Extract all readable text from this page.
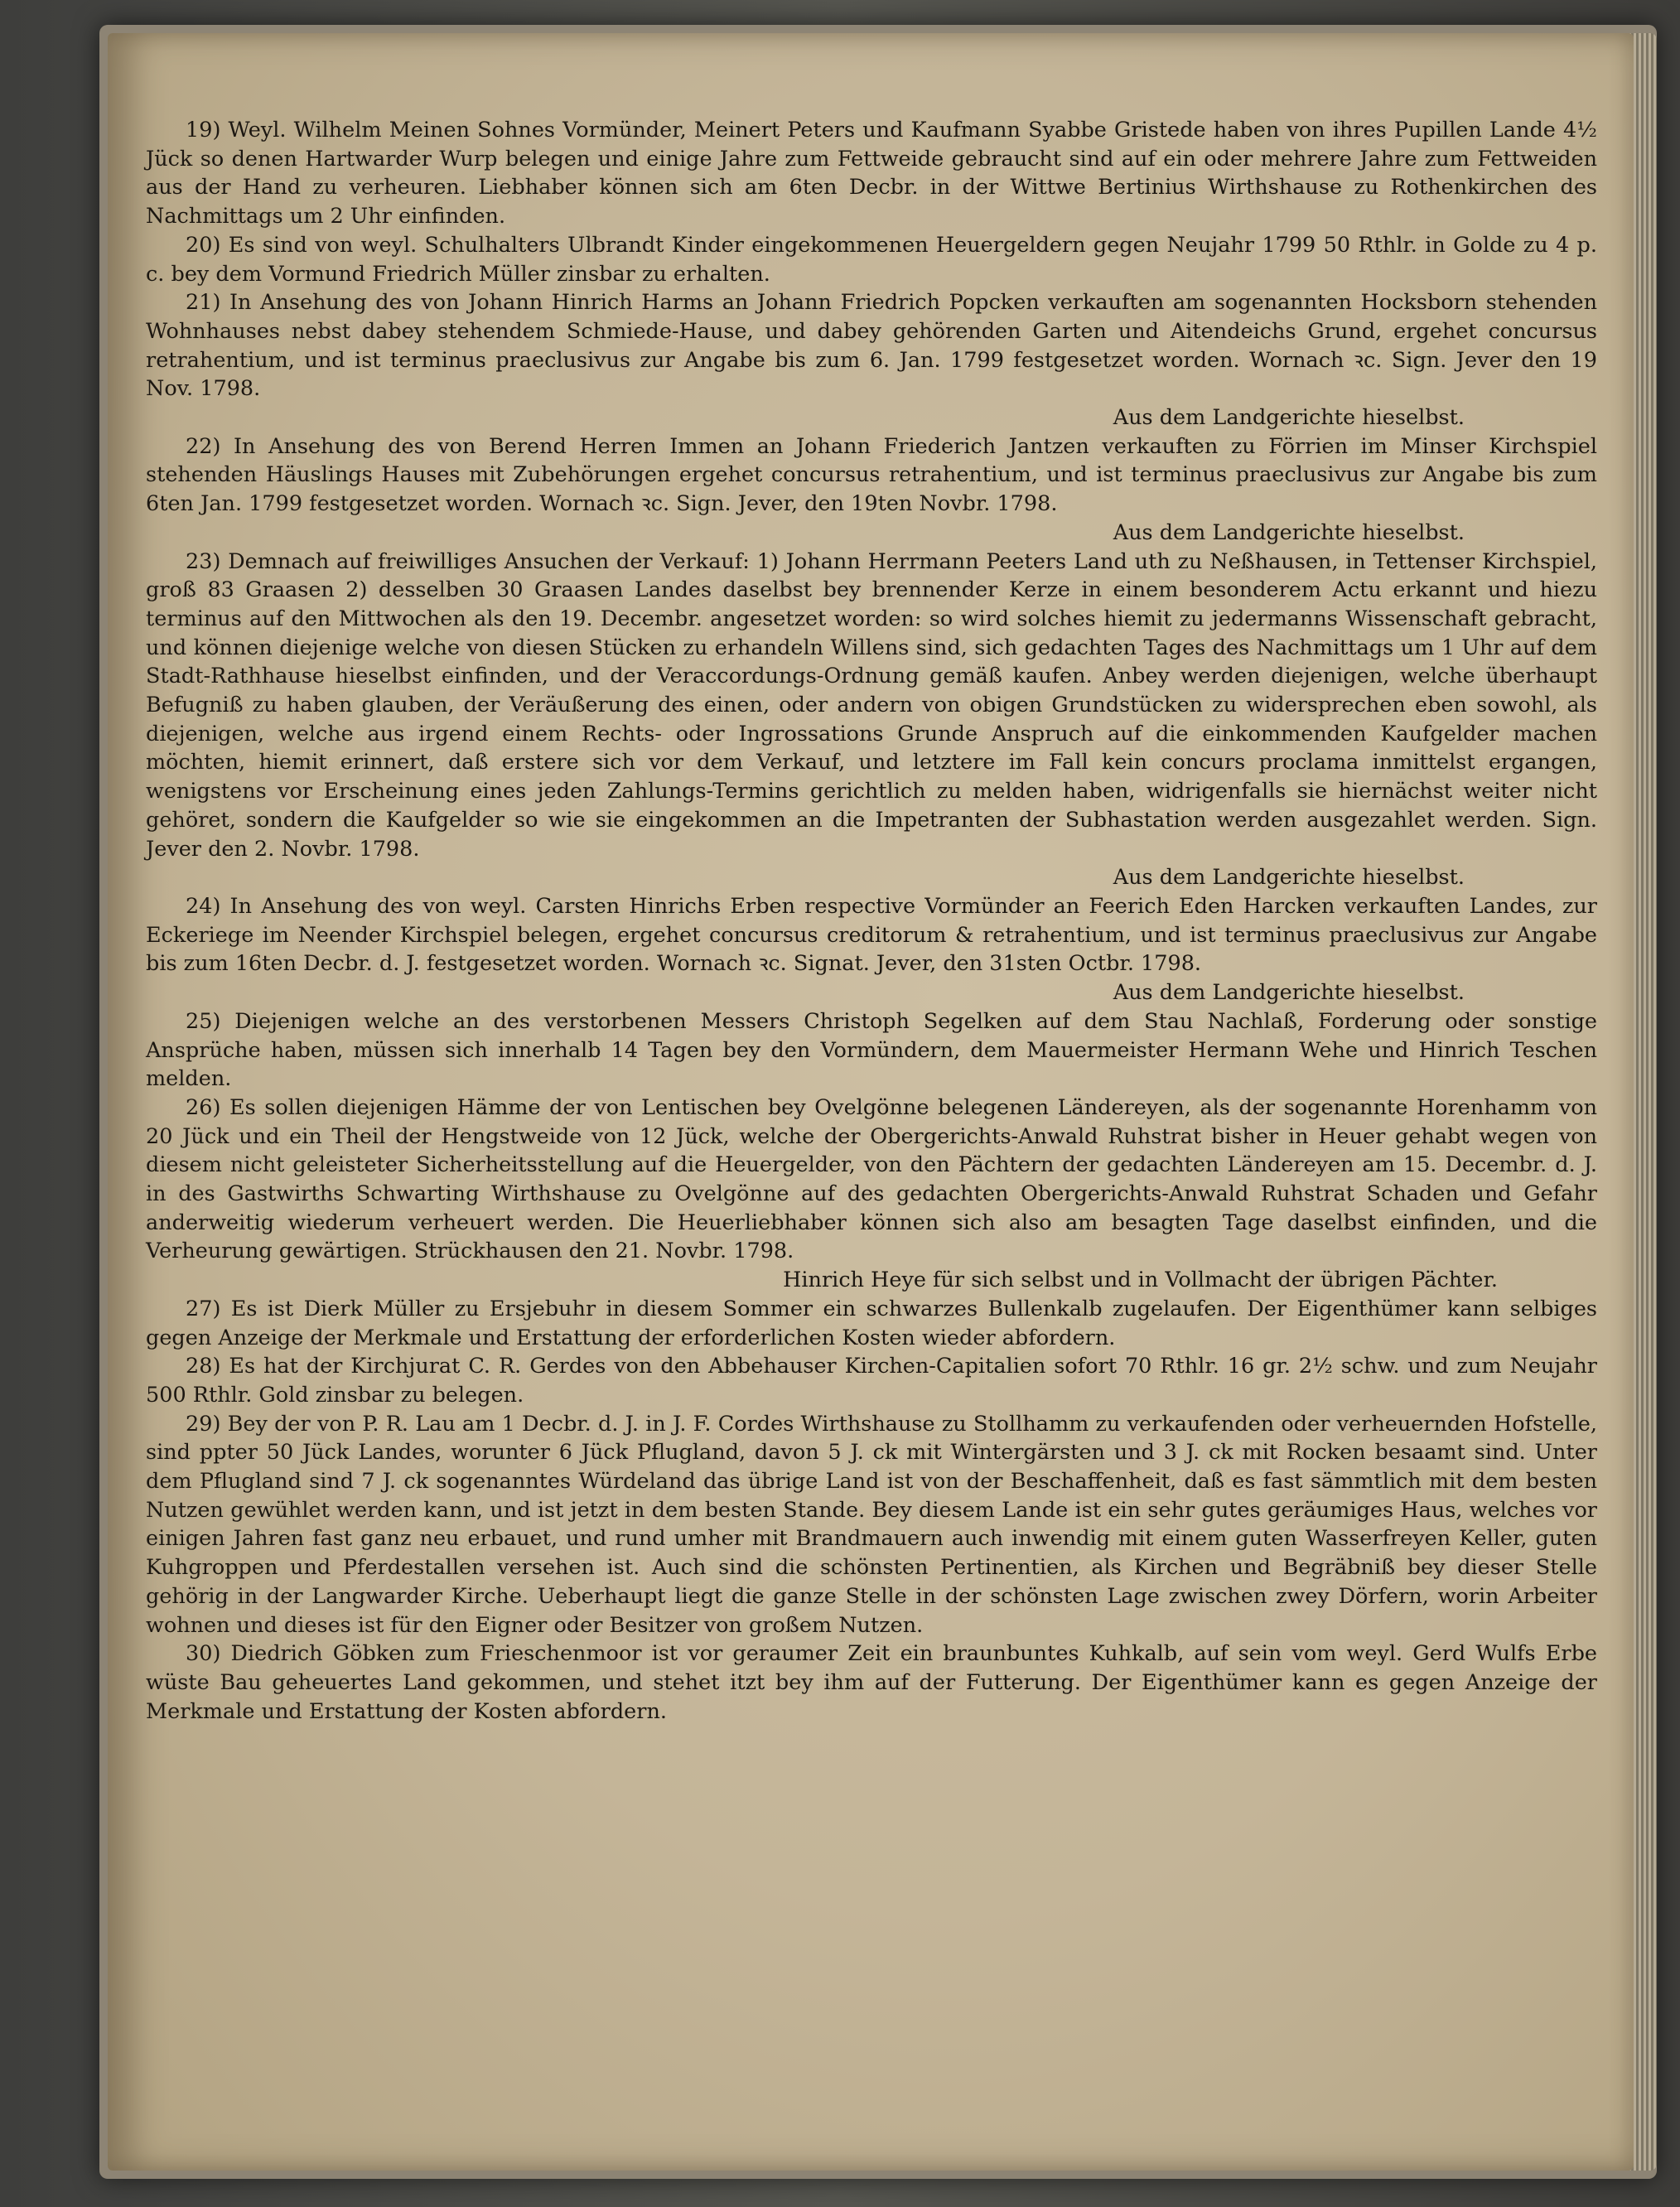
19) Weyl. Wilhelm Meinen Sohnes Vormünder, Meinert Peters und Kaufmann Syabbe Gristede haben von ihres Pupillen Lande 4½ Jück so denen Hartwarder Wurp belegen und einige Jahre zum Fettweide gebraucht sind auf ein oder mehrere Jahre zum Fettweiden aus der Hand zu verheuren. Liebhaber können sich am 6ten Decbr. in der Wittwe Bertinius Wirthshause zu Rothenkirchen des Nachmittags um 2 Uhr einfinden.

20) Es sind von weyl. Schulhalters Ulbrandt Kinder eingekommenen Heuergeldern gegen Neujahr 1799 50 Rthlr. in Golde zu 4 p. c. bey dem Vormund Friedrich Müller zinsbar zu erhalten.

21) In Ansehung des von Johann Hinrich Harms an Johann Friedrich Popcken verkauften am sogenannten Hocksborn stehenden Wohnhauses nebst dabey stehendem Schmiede-Hause, und dabey gehörenden Garten und Aitendeichs Grund, ergehet concursus retrahentium, und ist terminus praeclusivus zur Angabe bis zum 6. Jan. 1799 festgesetzet worden. Wornach ꝛc. Sign. Jever den 19 Nov. 1798.

Aus dem Landgerichte hieselbst.

22) In Ansehung des von Berend Herren Immen an Johann Friederich Jantzen verkauften zu Förrien im Minser Kirchspiel stehenden Häuslings Hauses mit Zubehörungen ergehet concursus retrahentium, und ist terminus praeclusivus zur Angabe bis zum 6ten Jan. 1799 festgesetzet worden. Wornach ꝛc. Sign. Jever, den 19ten Novbr. 1798.

Aus dem Landgerichte hieselbst.

23) Demnach auf freiwilliges Ansuchen der Verkauf: 1) Johann Herrmann Peeters Land uth zu Neßhausen, in Tettenser Kirchspiel, groß 83 Graasen 2) desselben 30 Graasen Landes daselbst bey brennender Kerze in einem besonderem Actu erkannt und hiezu terminus auf den Mittwochen als den 19. Decembr. angesetzet worden: so wird solches hiemit zu jedermanns Wissenschaft gebracht, und können diejenige welche von diesen Stücken zu erhandeln Willens sind, sich gedachten Tages des Nachmittags um 1 Uhr auf dem Stadt-Rathhause hieselbst einfinden, und der Veraccordungs-Ordnung gemäß kaufen. Anbey werden diejenigen, welche überhaupt Befugniß zu haben glauben, der Veräußerung des einen, oder andern von obigen Grundstücken zu widersprechen eben sowohl, als diejenigen, welche aus irgend einem Rechts- oder Ingrossations Grunde Anspruch auf die einkommenden Kaufgelder machen möchten, hiemit erinnert, daß erstere sich vor dem Verkauf, und letztere im Fall kein concurs proclama inmittelst ergangen, wenigstens vor Erscheinung eines jeden Zahlungs-Termins gerichtlich zu melden haben, widrigenfalls sie hiernächst weiter nicht gehöret, sondern die Kaufgelder so wie sie eingekommen an die Impetranten der Subhastation werden ausgezahlet werden. Sign. Jever den 2. Novbr. 1798.

Aus dem Landgerichte hieselbst.

24) In Ansehung des von weyl. Carsten Hinrichs Erben respective Vormünder an Feerich Eden Harcken verkauften Landes, zur Eckeriege im Neender Kirchspiel belegen, ergehet concursus creditorum & retrahentium, und ist terminus praeclusivus zur Angabe bis zum 16ten Decbr. d. J. festgesetzet worden. Wornach ꝛc. Signat. Jever, den 31sten Octbr. 1798.

Aus dem Landgerichte hieselbst.

25) Diejenigen welche an des verstorbenen Messers Christoph Segelken auf dem Stau Nachlaß, Forderung oder sonstige Ansprüche haben, müssen sich innerhalb 14 Tagen bey den Vormündern, dem Mauermeister Hermann Wehe und Hinrich Teschen melden.

26) Es sollen diejenigen Hämme der von Lentischen bey Ovelgönne belegenen Ländereyen, als der sogenannte Horenhamm von 20 Jück und ein Theil der Hengstweide von 12 Jück, welche der Obergerichts-Anwald Ruhstrat bisher in Heuer gehabt wegen von diesem nicht geleisteter Sicherheitsstellung auf die Heuergelder, von den Pächtern der gedachten Ländereyen am 15. Decembr. d. J. in des Gastwirths Schwarting Wirthshause zu Ovelgönne auf des gedachten Obergerichts-Anwald Ruhstrat Schaden und Gefahr anderweitig wiederum verheuert werden. Die Heuerliebhaber können sich also am besagten Tage daselbst einfinden, und die Verheurung gewärtigen. Strückhausen den 21. Novbr. 1798.

Hinrich Heye für sich selbst und in Vollmacht der übrigen Pächter.

27) Es ist Dierk Müller zu Ersjebuhr in diesem Sommer ein schwarzes Bullenkalb zugelaufen. Der Eigenthümer kann selbiges gegen Anzeige der Merkmale und Erstattung der erforderlichen Kosten wieder abfordern.

28) Es hat der Kirchjurat C. R. Gerdes von den Abbehauser Kirchen-Capitalien sofort 70 Rthlr. 16 gr. 2½ schw. und zum Neujahr 500 Rthlr. Gold zinsbar zu belegen.

29) Bey der von P. R. Lau am 1 Decbr. d. J. in J. F. Cordes Wirthshause zu Stollhamm zu verkaufenden oder verheuernden Hofstelle, sind ppter 50 Jück Landes, worunter 6 Jück Pflugland, davon 5 J. ck mit Wintergärsten und 3 J. ck mit Rocken besaamt sind. Unter dem Pflugland sind 7 J. ck sogenanntes Würdeland das übrige Land ist von der Beschaffenheit, daß es fast sämmtlich mit dem besten Nutzen gewühlet werden kann, und ist jetzt in dem besten Stande. Bey diesem Lande ist ein sehr gutes geräumiges Haus, welches vor einigen Jahren fast ganz neu erbauet, und rund umher mit Brandmauern auch inwendig mit einem guten Wasserfreyen Keller, guten Kuhgroppen und Pferdestallen versehen ist. Auch sind die schönsten Pertinentien, als Kirchen und Begräbniß bey dieser Stelle gehörig in der Langwarder Kirche. Ueberhaupt liegt die ganze Stelle in der schönsten Lage zwischen zwey Dörfern, worin Arbeiter wohnen und dieses ist für den Eigner oder Besitzer von großem Nutzen.

30) Diedrich Göbken zum Frieschenmoor ist vor geraumer Zeit ein braunbuntes Kuhkalb, auf sein vom weyl. Gerd Wulfs Erbe wüste Bau geheuertes Land gekommen, und stehet itzt bey ihm auf der Futterung. Der Eigenthümer kann es gegen Anzeige der Merkmale und Erstattung der Kosten abfordern.
